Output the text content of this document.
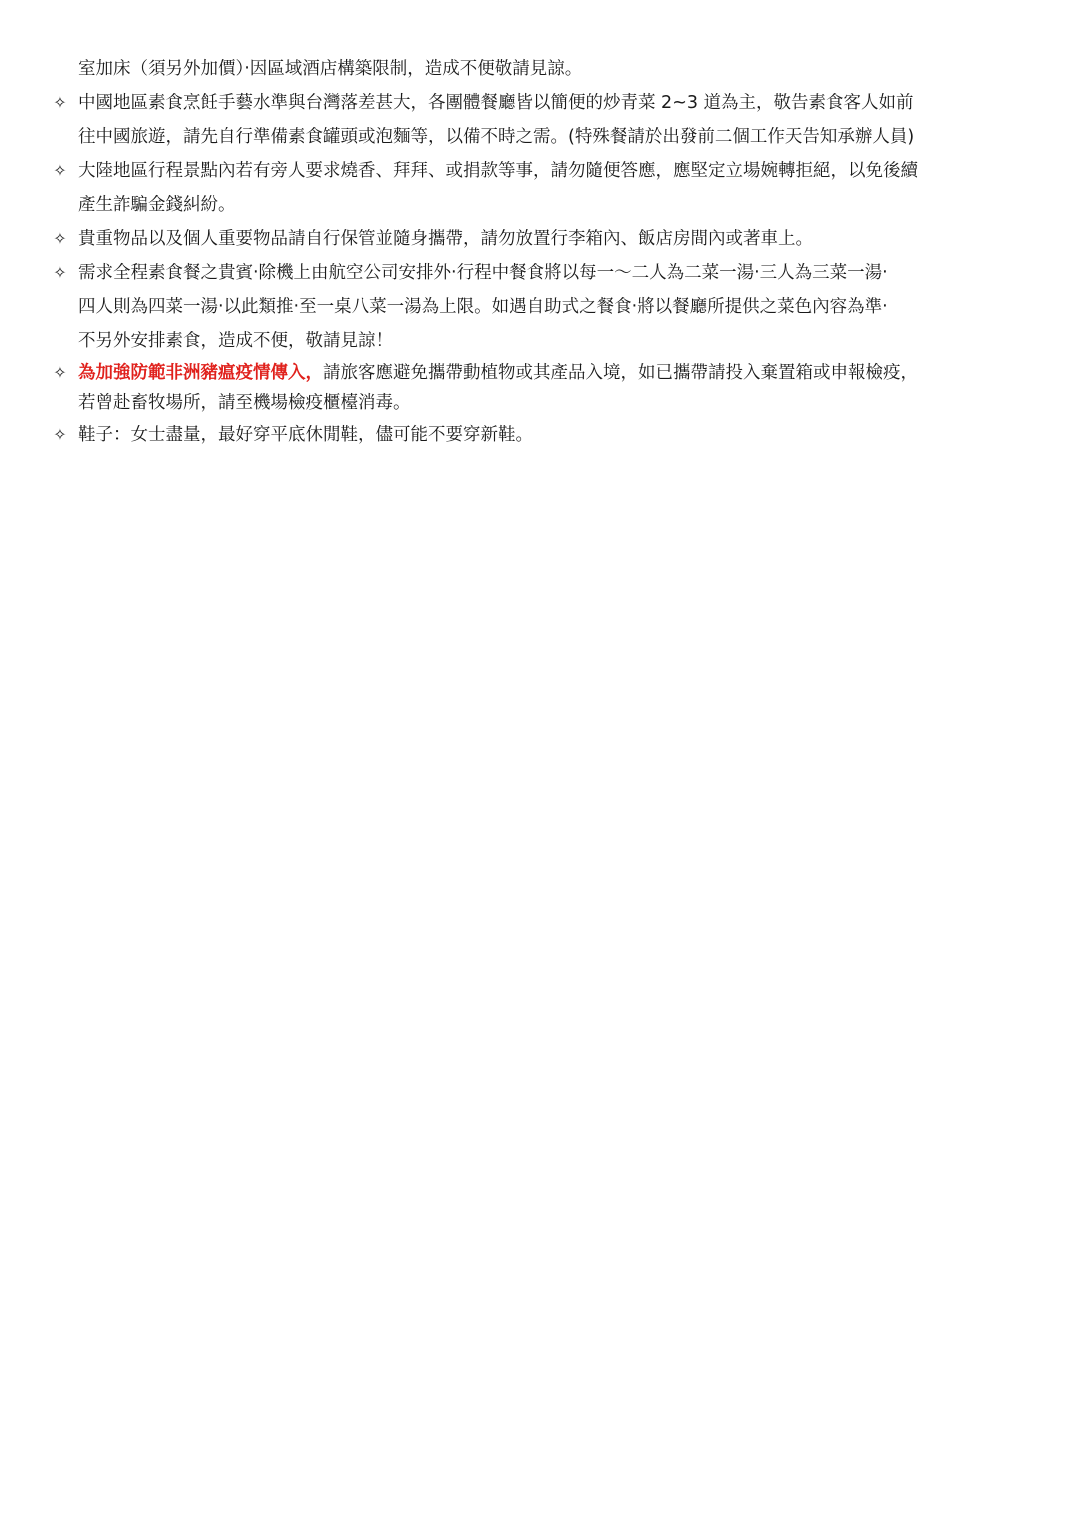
室加床（須另外加價）‧因區域酒店構築限制，造成不便敬請見諒。
✧ 中國地區素食烹飪手藝水準與台灣落差甚大，各團體餐廳皆以簡便的炒青菜 2~3 道為主，敬告素食客人如前
往中國旅遊，請先自行準備素食罐頭或泡麵等，以備不時之需。(特殊餐請於出發前二個工作天告知承辦人員)
✧ 大陸地區行程景點內若有旁人要求燒香、拜拜、或捐款等事，請勿隨便答應，應堅定立場婉轉拒絕，以免後續
產生詐騙金錢糾紛。
✧ 貴重物品以及個人重要物品請自行保管並隨身攜帶，請勿放置行李箱內、飯店房間內或著車上。
✧ 需求全程素食餐之貴賓‧除機上由航空公司安排外‧行程中餐食將以每一～二人為二菜一湯‧三人為三菜一湯‧
四人則為四菜一湯‧以此類推‧至一桌八菜一湯為上限。如遇自助式之餐食‧將以餐廳所提供之菜色內容為準‧
不另外安排素食，造成不便，敬請見諒！
✧ 為加強防範非洲豬瘟疫情傳入，請旅客應避免攜帶動植物或其產品入境，如已攜帶請投入棄置箱或申報檢疫，
若曾赴畜牧場所，請至機場檢疫櫃檯消毒。
✧ 鞋子：女士盡量，最好穿平底休閒鞋，儘可能不要穿新鞋。
